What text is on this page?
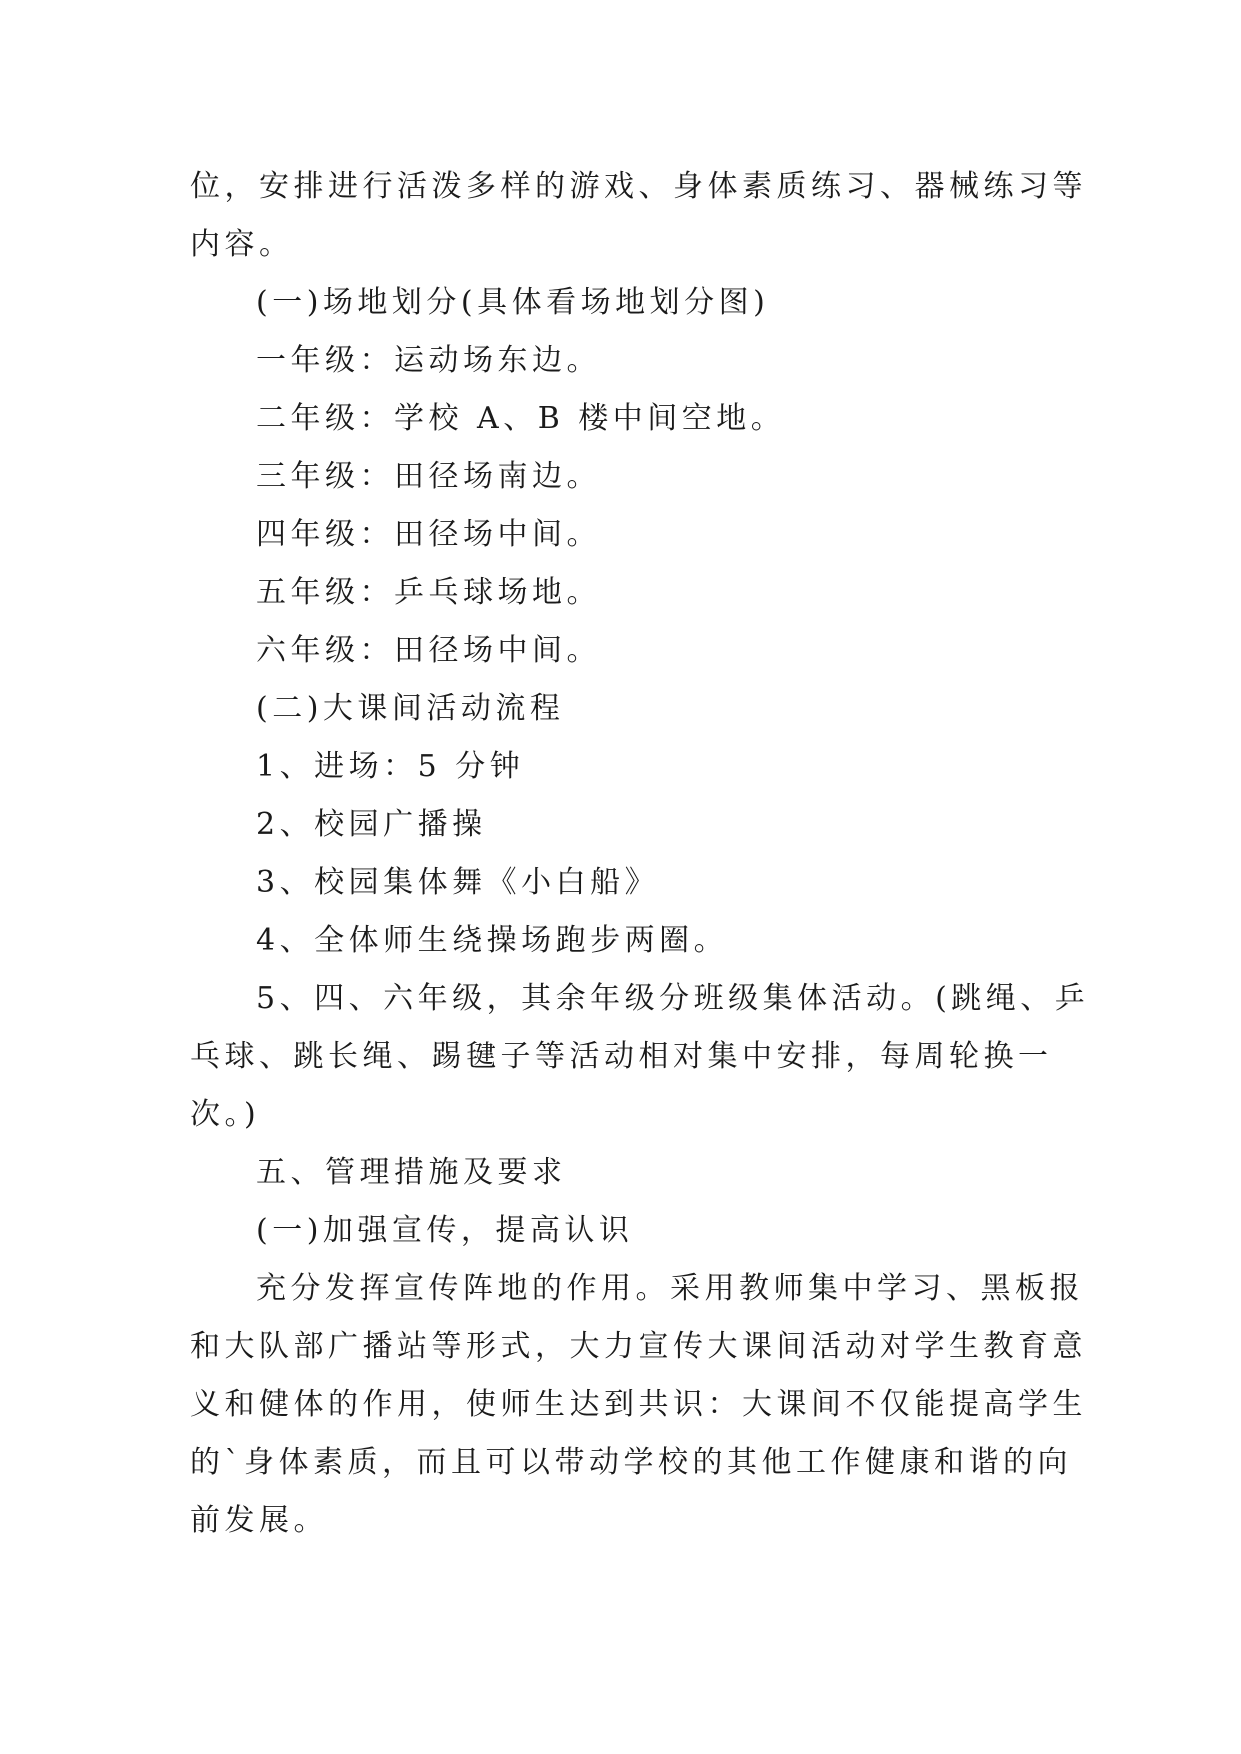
位，安排进行活泼多样的游戏、身体素质练习、器械练习等
内容。
(一)场地划分(具体看场地划分图)
一年级：运动场东边。
二年级：学校 A、B 楼中间空地。
三年级：田径场南边。
四年级：田径场中间。
五年级：乒乓球场地。
六年级：田径场中间。
(二)大课间活动流程
1、进场：5 分钟
2、校园广播操
3、校园集体舞《小白船》
4、全体师生绕操场跑步两圈。
5、四、六年级，其余年级分班级集体活动。(跳绳、乒
乓球、跳长绳、踢毽子等活动相对集中安排，每周轮换一
次。)
五、管理措施及要求
(一)加强宣传，提高认识
充分发挥宣传阵地的作用。采用教师集中学习、黑板报
和大队部广播站等形式，大力宣传大课间活动对学生教育意
义和健体的作用，使师生达到共识：大课间不仅能提高学生
的`身体素质，而且可以带动学校的其他工作健康和谐的向
前发展。
